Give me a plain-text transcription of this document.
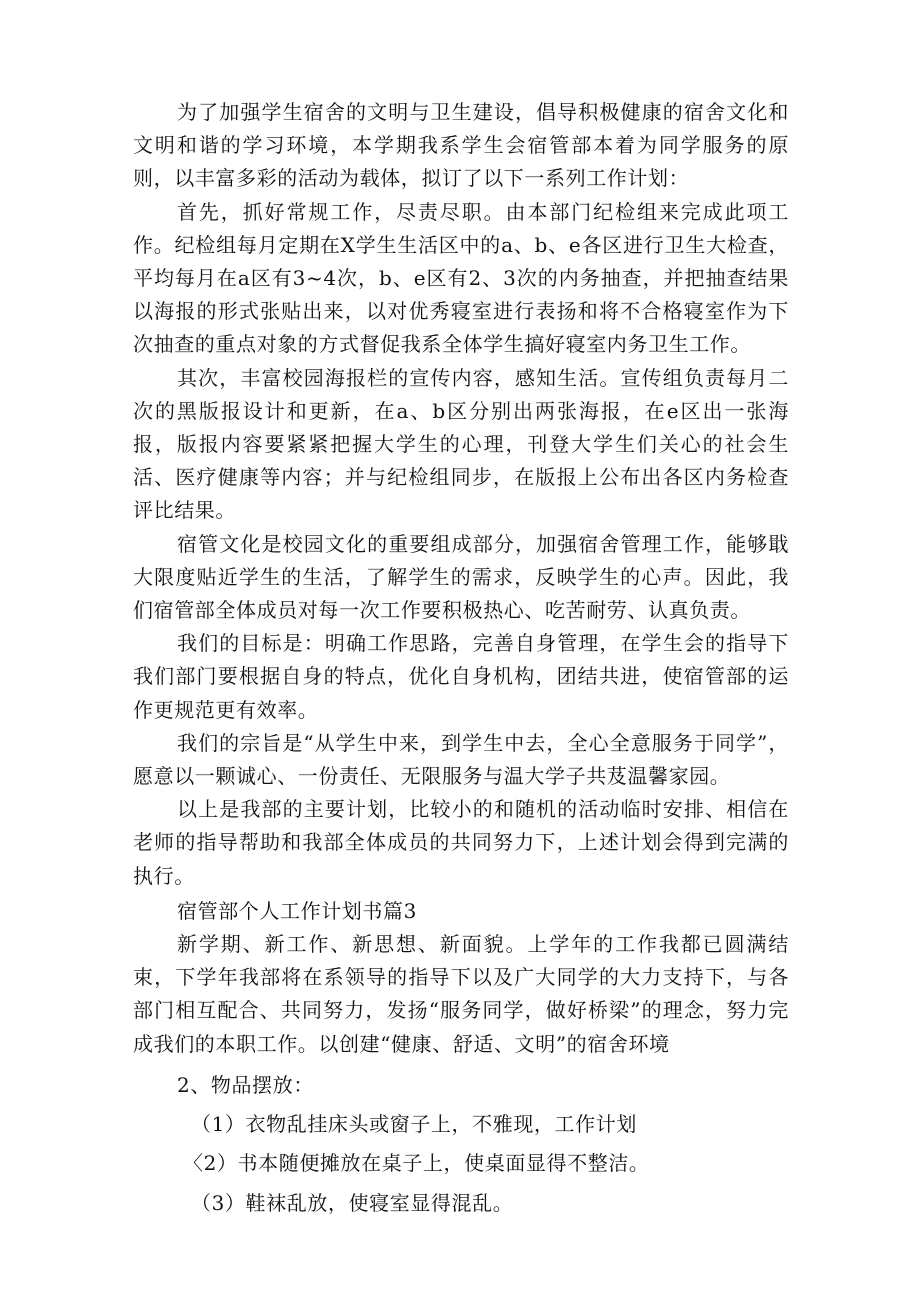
为了加强学生宿舍的文明与卫生建设，倡导积极健康的宿舍文化和文明和谐的学习环境，本学期我系学生会宿管部本着为同学服务的原则，以丰富多彩的活动为载体，拟订了以下一系列工作计划：

首先，抓好常规工作，尽责尽职。由本部门纪检组来完成此项工作。纪检组每月定期在X学生生活区中的a、b、e各区进行卫生大检查，平均每月在a区有3~4次，b、e区有2、3次的内务抽查，并把抽查结果以海报的形式张贴出来，以对优秀寝室进行表扬和将不合格寝室作为下次抽查的重点对象的方式督促我系全体学生搞好寝室内务卫生工作。

其次，丰富校园海报栏的宣传内容，感知生活。宣传组负责每月二次的黑版报设计和更新，在a、b区分别出两张海报，在e区出一张海报，版报内容要紧紧把握大学生的心理，刊登大学生们关心的社会生活、医疗健康等内容；并与纪检组同步，在版报上公布出各区内务检查评比结果。

宿管文化是校园文化的重要组成部分，加强宿舍管理工作，能够戢大限度贴近学生的生活，了解学生的需求，反映学生的心声。因此，我们宿管部全体成员对每一次工作要积极热心、吃苦耐劳、认真负责。

我们的目标是：明确工作思路，完善自身管理，在学生会的指导下我们部门要根据自身的特点，优化自身机构，团结共进，使宿管部的运作更规范更有效率。

我们的宗旨是“从学生中来，到学生中去，全心全意服务于同学”，愿意以一颗诚心、一份责任、无限服务与温大学子共芨温馨家园。

以上是我部的主要计划，比较小的和随机的活动临时安排、相信在老师的指导帮助和我部全体成员的共同努力下，上述计划会得到完满的执行。

宿管部个人工作计划书篇3

新学期、新工作、新思想、新面貌。上学年的工作我都已圆满结束，下学年我部将在系领导的指导下以及广大同学的大力支持下，与各部门相互配合、共同努力，发扬“服务同学，做好桥梁”的理念，努力完成我们的本职工作。以创建“健康、舒适、文明”的宿舍环境

2、物品摆放：

（1）衣物乱挂床头或窗子上，不雅现，工作计划

〈2）书本随便摊放在桌子上，使桌面显得不整洁。

（3）鞋袜乱放，使寝室显得混乱。
